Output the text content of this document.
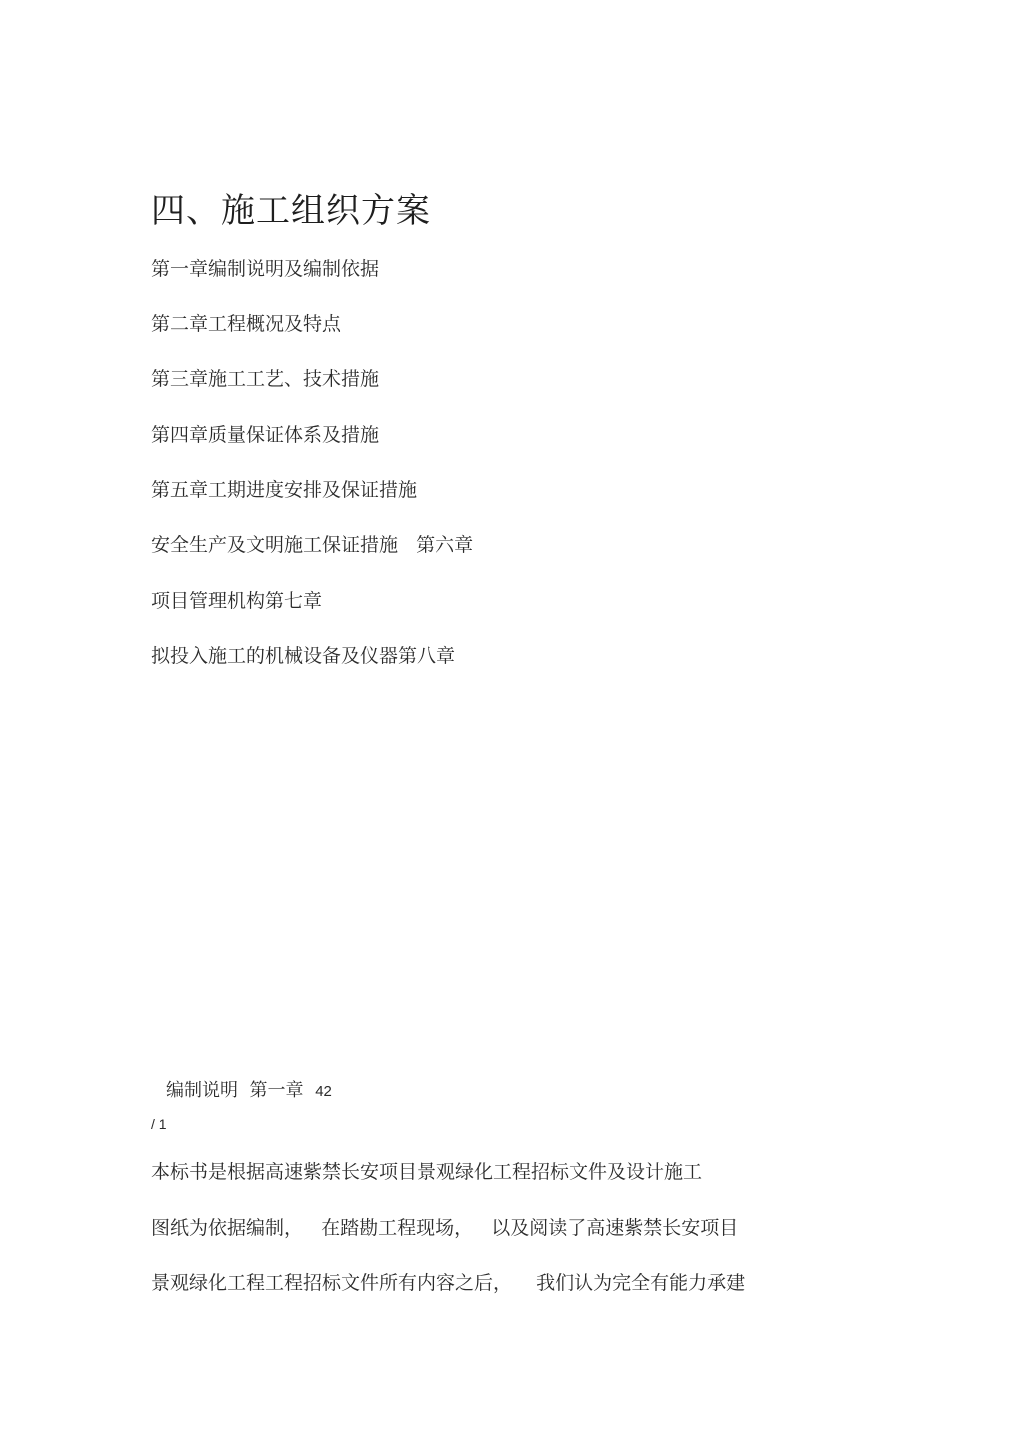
四、施工组织方案
第一章编制说明及编制依据
第二章工程概况及特点
第三章施工工艺、技术措施
第四章质量保证体系及措施
第五章工期进度安排及保证措施
安全生产及文明施工保证措施   第六章
项目管理机构第七章
拟投入施工的机械设备及仪器第八章
编制说明  第一章 42
/ 1
本标书是根据高速紫禁长安项目景观绿化工程招标文件及设计施工
图纸为依据编制，   在踏勘工程现场，   以及阅读了高速紫禁长安项目
景观绿化工程工程招标文件所有内容之后，    我们认为完全有能力承建
